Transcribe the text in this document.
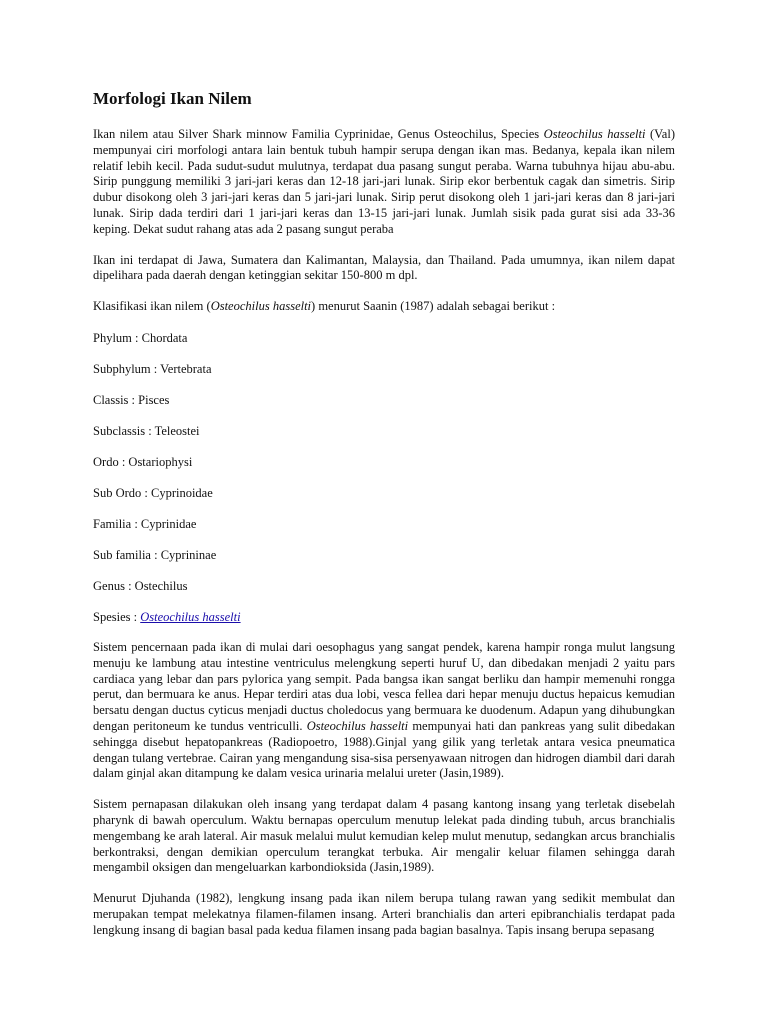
Morfologi Ikan Nilem

Ikan nilem atau Silver Shark minnow Familia Cyprinidae, Genus Osteochilus, Species Osteochilus hasselti (Val) mempunyai ciri morfologi antara lain bentuk tubuh hampir serupa dengan ikan mas. Bedanya, kepala ikan nilem relatif lebih kecil. Pada sudut-sudut mulutnya, terdapat dua pasang sungut peraba. Warna tubuhnya hijau abu-abu. Sirip punggung memiliki 3 jari-jari keras dan 12-18 jari-jari lunak. Sirip ekor berbentuk cagak dan simetris. Sirip dubur disokong oleh 3 jari-jari keras dan 5 jari-jari lunak. Sirip perut disokong oleh 1 jari-jari keras dan 8 jari-jari lunak. Sirip dada terdiri dari 1 jari-jari keras dan 13-15 jari-jari lunak. Jumlah sisik pada gurat sisi ada 33-36 keping. Dekat sudut rahang atas ada 2 pasang sungut peraba

Ikan ini terdapat di Jawa, Sumatera dan Kalimantan, Malaysia, dan Thailand. Pada umumnya, ikan nilem dapat dipelihara pada daerah dengan ketinggian sekitar 150-800 m dpl.

Klasifikasi ikan nilem (Osteochilus hasselti) menurut Saanin (1987) adalah sebagai berikut :

Phylum : Chordata
Subphylum : Vertebrata
Classis : Pisces
Subclassis : Teleostei
Ordo : Ostariophysi
Sub Ordo : Cyprinoidae
Familia : Cyprinidae
Sub familia : Cyprininae
Genus : Ostechilus
Spesies : Osteochilus hasselti

Sistem pencernaan pada ikan di mulai dari oesophagus yang sangat pendek, karena hampir ronga mulut langsung menuju ke lambung atau intestine ventriculus melengkung seperti huruf U, dan dibedakan menjadi 2 yaitu pars cardiaca yang lebar dan pars pylorica yang sempit. Pada bangsa ikan sangat berliku dan hampir memenuhi rongga perut, dan bermuara ke anus. Hepar terdiri atas dua lobi, vesca fellea dari hepar menuju ductus hepaicus kemudian bersatu dengan ductus cyticus menjadi ductus choledocus yang bermuara ke duodenum. Adapun yang dihubungkan dengan peritoneum ke tundus ventriculli. Osteochilus hasselti mempunyai hati dan pankreas yang sulit dibedakan sehingga disebut hepatopankreas (Radiopoetro, 1988).Ginjal yang gilik yang terletak antara vesica pneumatica dengan tulang vertebrae. Cairan yang mengandung sisa-sisa persenyawaan nitrogen dan hidrogen diambil dari darah dalam ginjal akan ditampung ke dalam vesica urinaria melalui ureter (Jasin,1989).

Sistem pernapasan dilakukan oleh insang yang terdapat dalam 4 pasang kantong insang yang terletak disebelah pharynk di bawah operculum. Waktu bernapas operculum menutup lelekat pada dinding tubuh, arcus branchialis mengembang ke arah lateral. Air masuk melalui mulut kemudian kelep mulut menutup, sedangkan arcus branchialis berkontraksi, dengan demikian operculum terangkat terbuka. Air mengalir keluar filamen sehingga darah mengambil oksigen dan mengeluarkan karbondioksida (Jasin,1989).

Menurut Djuhanda (1982), lengkung insang pada ikan nilem berupa tulang rawan yang sedikit membulat dan merupakan tempat melekatnya filamen-filamen insang. Arteri branchialis dan arteri epibranchialis terdapat pada lengkung insang di bagian basal pada kedua filamen insang pada bagian basalnya. Tapis insang berupa sepasang
